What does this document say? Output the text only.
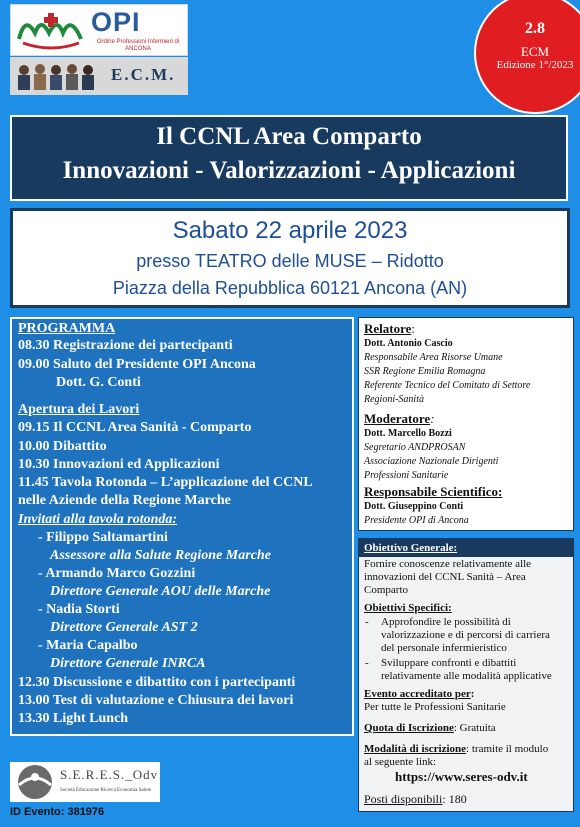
OPI
Ordine Professioni Infermieri di ANCONA
E.C.M.
2.8
ECM
Edizione 1°/2023
Il CCNL Area Comparto
Innovazioni - Valorizzazioni - Applicazioni
Sabato 22 aprile 2023
presso TEATRO delle MUSE – Ridotto
Piazza della Repubblica 60121 Ancona (AN)
PROGRAMMA
08.30 Registrazione dei partecipanti
09.00 Saluto del Presidente OPI Ancona
Dott. G. Conti
Apertura dei Lavori
09.15 Il CCNL Area Sanità - Comparto
10.00 Dibattito
10.30 Innovazioni ed Applicazioni
11.45 Tavola Rotonda – L’applicazione del CCNL
nelle Aziende della Regione Marche
Invitati alla tavola rotonda:
- Filippo Saltamartini
Assessore alla Salute Regione Marche
- Armando Marco Gozzini
Direttore Generale AOU delle Marche
- Nadia Storti
Direttore Generale AST 2
- Maria Capalbo
Direttore Generale INRCA
12.30 Discussione e dibattito con i partecipanti
13.00 Test di valutazione e Chiusura dei lavori
13.30 Light Lunch
Relatore:
Dott. Antonio Cascio
Responsabile Area Risorse Umane
SSR Regione Emilia Romagna
Referente Tecnico del Comitato di Settore
Regioni-Sanità
Moderatore:
Dott. Marcello Bozzi
Segretario ANDPROSAN
Associazione Nazionale Dirigenti
Professioni Sanitarie
Responsabile Scientifico:
Dott. Giuseppino Conti
Presidente OPI di Ancona
Obiettivo Generale:
Fornire conoscenze relativamente alle
innovazioni del CCNL Sanità – Area
Comparto
Obiettivi Specifici:
- Approfondire le possibilità di
valorizzazione e di percorsi di carriera
del personale infermieristico
- Sviluppare confronti e dibattiti
relativamente alle modalità applicative
Evento accreditato per:
Per tutte le Professioni Sanitarie
Quota di Iscrizione: Gratuita
Modalità di iscrizione: tramite il modulo
al seguente link:
https://www.seres-odv.it
Posti disponibili: 180
S.E.R.E.S._Odv
Società Educazione Ricerca Economia Salute
ID Evento: 381976
